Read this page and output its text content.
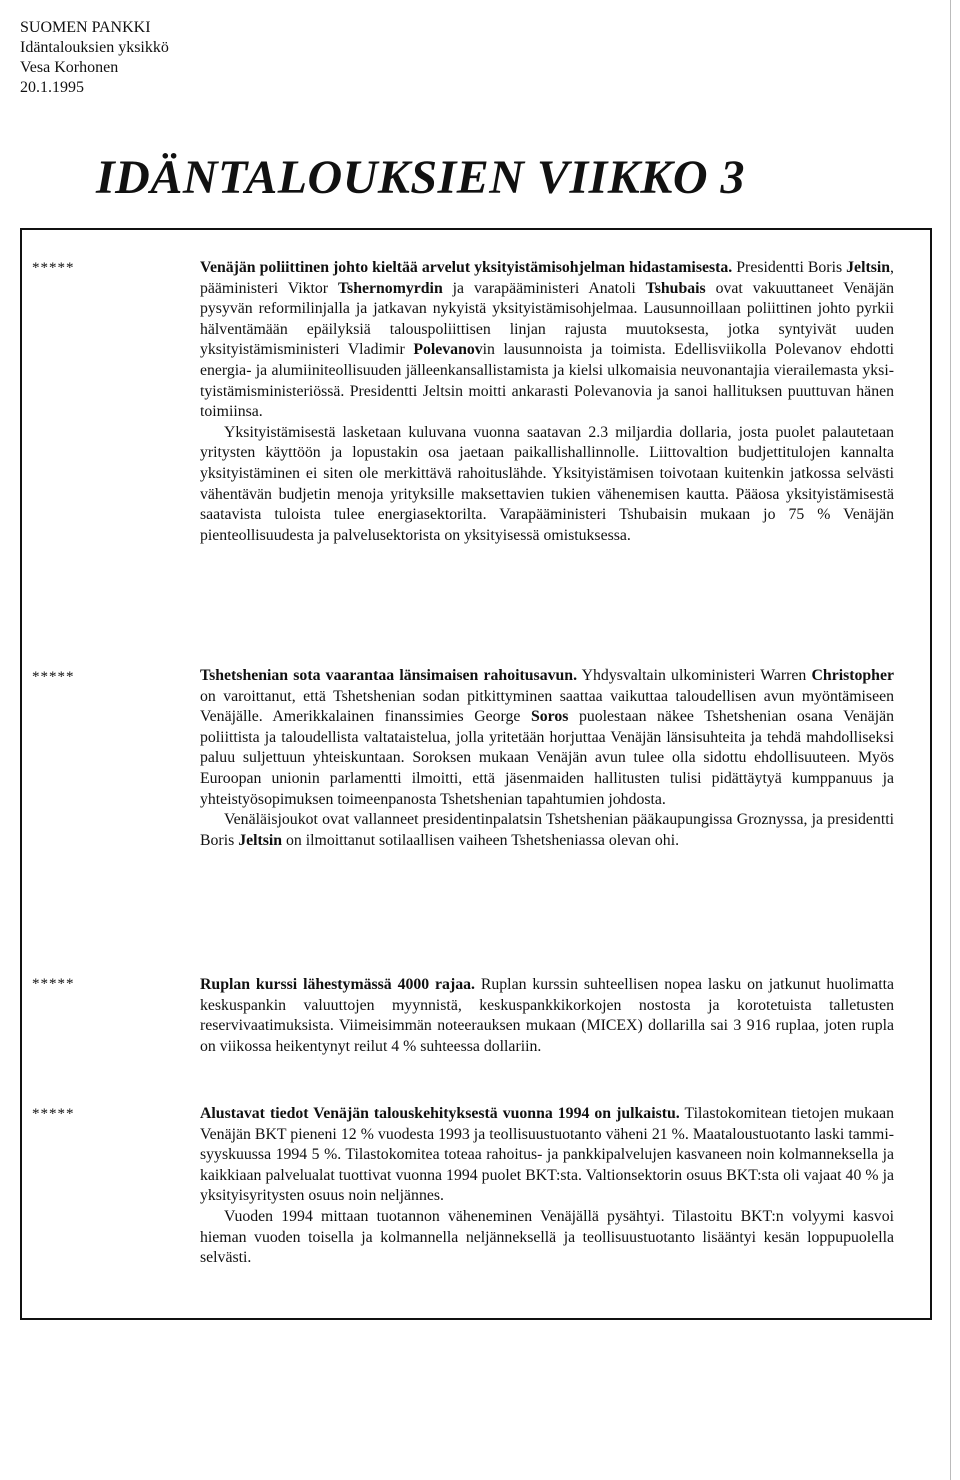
SUOMEN PANKKI
Idäntalouksien yksikkö
Vesa Korhonen
20.1.1995
IDÄNTALOUKSIEN VIIKKO 3
*****	Venäjän poliittinen johto kieltää arvelut yksityistämisohjelman hidastamisesta. Presidentti Boris Jeltsin, pääministeri Viktor Tshernomyrdin ja varapääministeri Anatoli Tshubais ovat vakuuttaneet Venäjän pysyvän reformilinjalla ja jatkavan nykyistä yksityistämisohjelmaa. Lausunnoillaan poliittinen johto pyrkii hälventämään epäilyksiä talouspoliittisen linjan rajusta muutoksesta, jotka syntyivät uuden yksityistämisministeri Vladimir Polevanovin lausunnoista ja toimista. Edellisviikolla Polevanov ehdotti energia- ja alumiiniteollisuuden jälleenkansallistamista ja kielsi ulkomaisia neuvonantajia vierailemasta yksityistämisministeriössä. Presidentti Jeltsin moitti ankarasti Polevanovia ja sanoi hallituksen puuttuvan hänen toimiinsa.

Yksityistämisestä lasketaan kuluvana vuonna saatavan 2.3 miljardia dollaria, josta puolet palautetaan yritysten käyttöön ja lopustakin osa jaetaan paikallishallinnolle. Liittovaltion budjettitulojen kannalta yksityistäminen ei siten ole merkittävä rahoituslähde. Yksityistämisen toivotaan kuitenkin jatkossa selvästi vähentävän budjetin menoja yrityksille maksettavien tukien vähenemisen kautta. Pääosa yksityistämisestä saatavista tuloista tulee energiasektorilta. Varapääministeri Tshubaisin mukaan jo 75 % Venäjän pienteollisuudesta ja palvelusektorista on yksityisessä omistuksessa.

*****	Tshetshenian sota vaarantaa länsimaisen rahoitusavun. Yhdysvaltain ulkoministeri Warren Christopher on varoittanut, että Tshetshenian sodan pitkittyminen saattaa vaikuttaa taloudellisen avun myöntämiseen Venäjälle. Amerikkalainen finanssimies George Soros puolestaan näkee Tshetshenian osana Venäjän poliittista ja taloudellista valtataistelua, jolla yritetään horjuttaa Venäjän länsisuhteita ja tehdä mahdolliseksi paluu suljettuun yhteiskuntaan. Soroksen mukaan Venäjän avun tulee olla sidottu ehdollisuuteen. Myös Euroopan unionin parlamentti ilmoitti, että jäsenmaiden hallitusten tulisi pidättäytyä kumppanuus ja yhteistyösopimuksen toimeenpanosta Tshetshenian tapahtumien johdosta.

Venäläisjoukot ovat vallanneet presidentinpalatsin Tshetshenian pääkaupungissa Groznyssa, ja presidentti Boris Jeltsin on ilmoittanut sotilaallisen vaiheen Tshetsheniassa olevan ohi.

*****	Ruplan kurssi lähestymässä 4000 rajaa. Ruplan kurssin suhteellisen nopea lasku on jatkunut huolimatta keskuspankin valuuttojen myynnistä, keskuspankkikorkojen nostosta ja korotetuista talletusten reservivaatimuksista. Viimeisimmän noteerauksen mukaan (MICEX) dollarilla sai 3 916 ruplaa, joten rupla on viikossa heikentynyt reilut 4 % suhteessa dollariin.

*****	Alustavat tiedot Venäjän talouskehityksestä vuonna 1994 on julkaistu. Tilastokomitean tietojen mukaan Venäjän BKT pieneni 12 % vuodesta 1993 ja teollisuustuotanto väheni 21 %. Maataloustuotanto laski tammi-syyskuussa 1994 5 %. Tilastokomitea toteaa rahoitus- ja pankkipalvelujen kasvaneen noin kolmanneksella ja kaikkiaan palvelualat tuottivat vuonna 1994 puolet BKT:sta. Valtionsektorin osuus BKT:sta oli vajaat 40 % ja yksityisyritysten osuus noin neljännes.

Vuoden 1994 mittaan tuotannon väheneminen Venäjällä pysähtyi. Tilastoitu BKT:n volyymi kasvoi hieman vuoden toisella ja kolmannella neljänneksellä ja teollisuustuotanto lisääntyi kesän loppupuolella selvästi.
